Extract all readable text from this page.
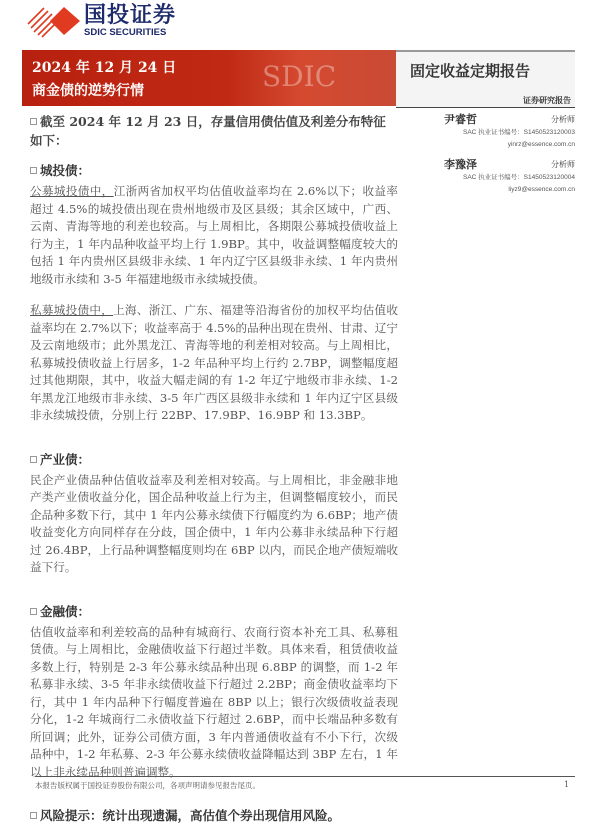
国投证券
SDIC SECURITIES
SDIC
2024 年 12 月 24 日
商金债的逆势行情
固定收益定期报告
证券研究报告
尹睿哲	分析师
SAC 执业证书编号：S1450523120003
yinrz@essence.com.cn
李豫泽	分析师
SAC 执业证书编号：S1450523120004
liyz9@essence.com.cn
截至 2024 年 12 月 23 日，存量信用债估值及利差分布特征如下：
城投债：

公募城投债中，江浙两省加权平均估值收益率均在 2.6%以下；收益率超过 4.5%的城投债出现在贵州地级市及区县级；其余区域中，广西、云南、青海等地的利差也较高。与上周相比，各期限公募城投债收益上行为主，1 年内品种收益平均上行 1.9BP。其中，收益调整幅度较大的包括 1 年内贵州区县级非永续、1 年内辽宁区县级非永续、1 年内贵州地级市永续和 3-5 年福建地级市永续城投债。

私募城投债中，上海、浙江、广东、福建等沿海省份的加权平均估值收益率均在 2.7%以下；收益率高于 4.5%的品种出现在贵州、甘肃、辽宁及云南地级市；此外黑龙江、青海等地的利差相对较高。与上周相比，私募城投债收益上行居多，1-2 年品种平均上行约 2.7BP，调整幅度超过其他期限，其中，收益大幅走阔的有 1-2 年辽宁地级市非永续、1-2 年黑龙江地级市非永续、3-5 年广西区县级非永续和 1 年内辽宁区县级非永续城投债，分别上行 22BP、17.9BP、16.9BP 和 13.3BP。

产业债：

民企产业债品种估值收益率及利差相对较高。与上周相比，非金融非地产类产业债收益分化，国企品种收益上行为主，但调整幅度较小，而民企品种多数下行，其中 1 年内公募永续债下行幅度约为 6.6BP；地产债收益变化方向同样存在分歧，国企债中，1 年内公募非永续品种下行超过 26.4BP，上行品种调整幅度则均在 6BP 以内，而民企地产债短端收益下行。

金融债：

估值收益率和利差较高的品种有城商行、农商行资本补充工具、私募租赁债。与上周相比，金融债收益下行超过半数。具体来看，租赁债收益多数上行，特别是 2-3 年公募永续品种出现 6.8BP 的调整，而 1-2 年私募非永续、3-5 年非永续债收益下行超过 2.2BP；商金债收益率均下行，其中 1 年内品种下行幅度普遍在 8BP 以上；银行次级债收益表现分化，1-2 年城商行二永债收益下行超过 2.6BP，而中长端品种多数有所回调；此外，证券公司债方面，3 年内普通债收益有不小下行，次级品种中，1-2 年私募、2-3 年公募永续债收益降幅达到 3BP 左右，1 年以上非永续品种则普遍调整。

风险提示：统计出现遗漏，高估值个券出现信用风险。
本报告版权属于国投证券股份有限公司，各项声明请参见报告尾页。	1
